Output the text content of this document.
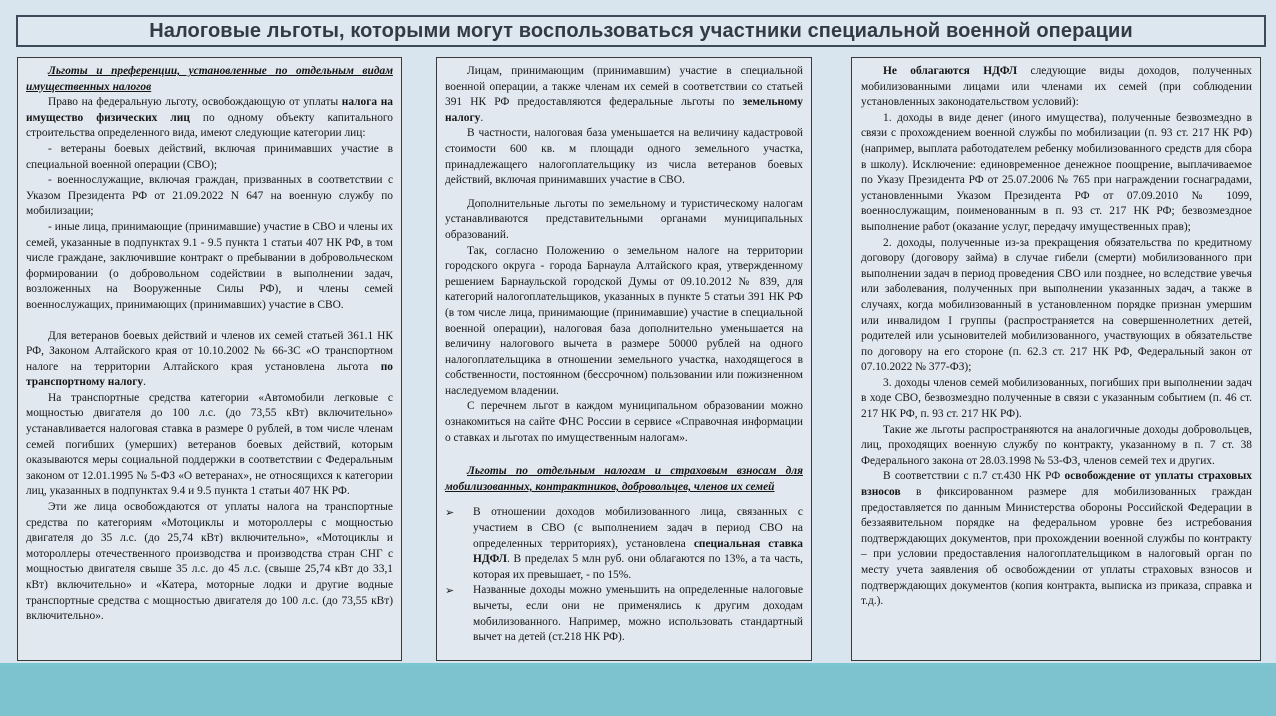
Налоговые льготы, которыми могут воспользоваться участники специальной военной операции

Льготы и преференции, установленные по отдельным видам имущественных налогов

Право на федеральную льготу, освобождающую от уплаты налога на имущество физических лиц по одному объекту капитального строительства определенного вида, имеют следующие категории лиц:

- ветераны боевых действий, включая принимавших участие в специальной военной операции (СВО);

- военнослужащие, включая граждан, призванных в соответствии с Указом Президента РФ от 21.09.2022 N 647 на военную службу по мобилизации;

- иные лица, принимающие (принимавшие) участие в СВО и члены их семей, указанные в подпунктах 9.1 - 9.5 пункта 1 статьи 407 НК РФ, в том числе граждане, заключившие контракт о пребывании в добровольческом формировании (о добровольном содействии в выполнении задач, возложенных на Вооруженные Силы РФ), и члены семей военнослужащих, принимающих (принимавших) участие в СВО.

Для ветеранов боевых действий и членов их семей статьей 361.1 НК РФ, Законом Алтайского края от 10.10.2002 № 66-ЗС «О транспортном налоге на территории Алтайского края установлена льгота по транспортному налогу.

На транспортные средства категории «Автомобили легковые с мощностью двигателя до 100 л.с. (до 73,55 кВт) включительно» устанавливается налоговая ставка в размере 0 рублей, в том числе членам семей погибших (умерших) ветеранов боевых действий, которым оказываются меры социальной поддержки в соответствии с Федеральным законом от 12.01.1995 № 5-ФЗ «О ветеранах», не относящихся к категории лиц, указанных в подпунктах 9.4 и 9.5 пункта 1 статьи 407 НК РФ.

Эти же лица освобождаются от уплаты налога на транспортные средства по категориям «Мотоциклы и мотороллеры с мощностью двигателя до 35 л.с. (до 25,74 кВт) включительно», «Мотоциклы и мотороллеры отечественного производства и производства стран СНГ с мощностью двигателя свыше 35 л.с. до 45 л.с. (свыше 25,74 кВт до 33,1 кВт) включительно» и «Катера, моторные лодки и другие водные транспортные средства с мощностью двигателя до 100 л.с. (до 73,55 кВт) включительно».

Лицам, принимающим (принимавшим) участие в специальной военной операции, а также членам их семей в соответствии со статьей 391 НК РФ предоставляются федеральные льготы по земельному налогу.

В частности, налоговая база уменьшается на величину кадастровой стоимости 600 кв. м площади одного земельного участка, принадлежащего налогоплательщику из числа ветеранов боевых действий, включая принимавших участие в СВО.

Дополнительные льготы по земельному и туристическому налогам устанавливаются представительными органами муниципальных образований.

Так, согласно Положению о земельном налоге на территории городского округа - города Барнаула Алтайского края, утвержденному решением Барнаульской городской Думы от 09.10.2012 № 839, для категорий налогоплательщиков, указанных в пункте 5 статьи 391 НК РФ (в том числе лица, принимающие (принимавшие) участие в специальной военной операции), налоговая база дополнительно уменьшается на величину налогового вычета в размере 50000 рублей на одного налогоплательщика в отношении земельного участка, находящегося в собственности, постоянном (бессрочном) пользовании или пожизненном наследуемом владении.

С перечнем льгот в каждом муниципальном образовании можно ознакомиться на сайте ФНС России в сервисе «Справочная информации о ставках и льготах по имущественным налогам».

Льготы по отдельным налогам и страховым взносам для мобилизованных, контрактников, добровольцев, членов их семей

➢	В отношении доходов мобилизованного лица, связанных с участием в СВО (с выполнением задач в период СВО на определенных территориях), установлена специальная ставка НДФЛ. В пределах 5 млн руб. они облагаются по 13%, а та часть, которая их превышает, - по 15%.

➢	Названные доходы можно уменьшить на определенные налоговые вычеты, если они не применялись к другим доходам мобилизованного. Например, можно использовать стандартный вычет на детей (ст.218 НК РФ).

Не облагаются НДФЛ следующие виды доходов, полученных мобилизованными лицами или членами их семей (при соблюдении установленных законодательством условий):

1. доходы в виде денег (иного имущества), полученные безвозмездно в связи с прохождением военной службы по мобилизации (п. 93 ст. 217 НК РФ) (например, выплата работодателем ребенку мобилизованного средств для сбора в школу). Исключение: единовременное денежное поощрение, выплачиваемое по Указу Президента РФ от 25.07.2006 № 765 при награждении госнаградами, установленными Указом Президента РФ от 07.09.2010 № 1099, военнослужащим, поименованным в п. 93 ст. 217 НК РФ; безвозмездное выполнение работ (оказание услуг, передачу имущественных прав);

2. доходы, полученные из-за прекращения обязательства по кредитному договору (договору займа) в случае гибели (смерти) мобилизованного при выполнении задач в период проведения СВО или позднее, но вследствие увечья или заболевания, полученных при выполнении указанных задач, а также в случаях, когда мобилизованный в установленном порядке признан умершим или инвалидом I группы (распространяется на совершеннолетних детей, родителей или усыновителей мобилизованного, участвующих в обязательстве по договору на его стороне (п. 62.3 ст. 217 НК РФ, Федеральный закон от 07.10.2022 № 377-ФЗ);

3. доходы членов семей мобилизованных, погибших при выполнении задач в ходе СВО, безвозмездно полученные в связи с указанным событием (п. 46 ст. 217 НК РФ, п. 93 ст. 217 НК РФ).

Такие же льготы распространяются на аналогичные доходы добровольцев, лиц, проходящих военную службу по контракту, указанному в п. 7 ст. 38 Федерального закона от 28.03.1998 № 53-ФЗ, членов семей тех и других.

В соответствии с п.7 ст.430 НК РФ освобождение от уплаты страховых взносов в фиксированном размере для мобилизованных граждан предоставляется по данным Министерства обороны Российской Федерации в беззаявительном порядке на федеральном уровне без истребования подтверждающих документов, при прохождении военной службы по контракту – при условии предоставления налогоплательщиком в налоговый орган по месту учета заявления об освобождении от уплаты страховых взносов и подтверждающих документов (копия контракта, выписка из приказа, справка и т.д.).
